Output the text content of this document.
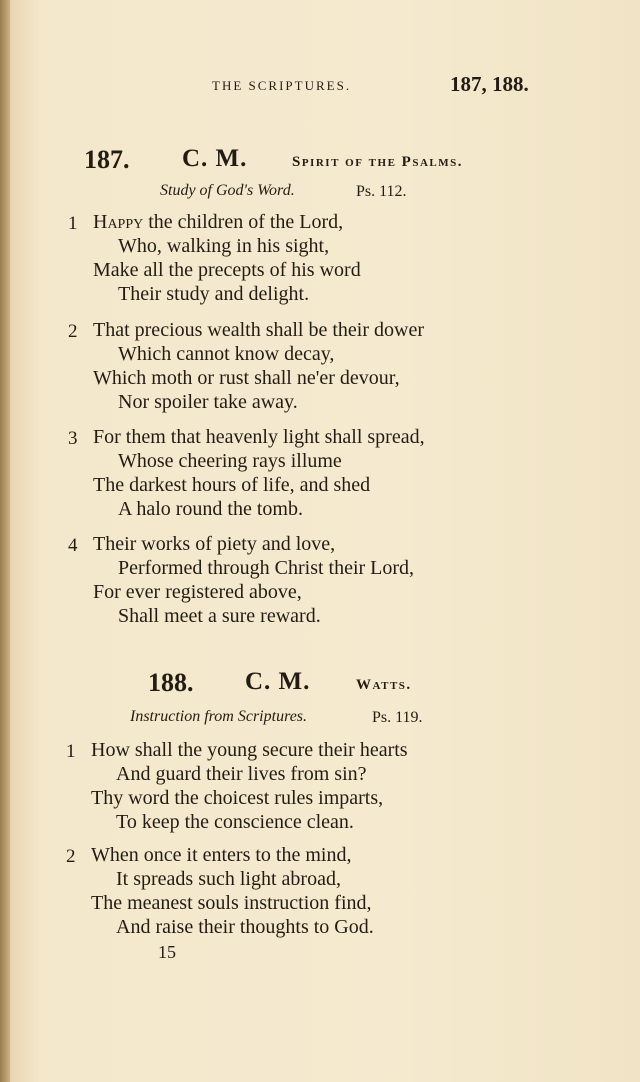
THE SCRIPTURES.	187, 188.
187. C. M.	Spirit of the Psalms.
Study of God's Word.	Ps. 112.
1 Happy the children of the Lord,
Who, walking in his sight,
Make all the precepts of his word
Their study and delight.
2 That precious wealth shall be their dower
Which cannot know decay,
Which moth or rust shall ne'er devour,
Nor spoiler take away.
3 For them that heavenly light shall spread,
Whose cheering rays illume
The darkest hours of life, and shed
A halo round the tomb.
4 Their works of piety and love,
Performed through Christ their Lord,
For ever registered above,
Shall meet a sure reward.
188. C. M.	Watts.
Instruction from Scriptures.	Ps. 119.
1 How shall the young secure their hearts
And guard their lives from sin?
Thy word the choicest rules imparts,
To keep the conscience clean.
2 When once it enters to the mind,
It spreads such light abroad,
The meanest souls instruction find,
And raise their thoughts to God.
15
